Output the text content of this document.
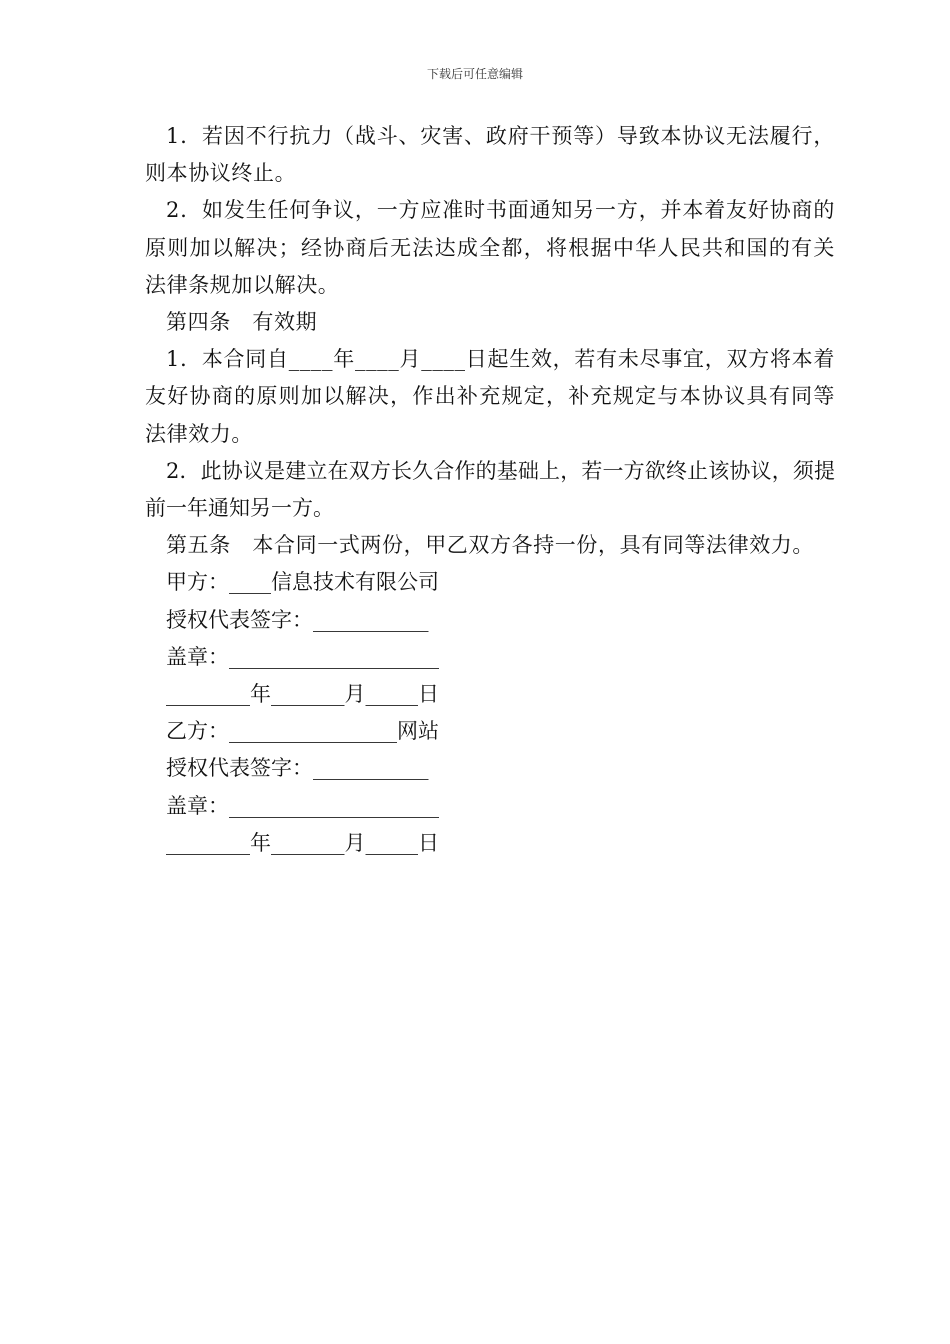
下载后可任意编辑

1．若因不行抗力（战斗、灾害、政府干预等）导致本协议无法履行，则本协议终止。

2．如发生任何争议，一方应准时书面通知另一方，并本着友好协商的原则加以解决；经协商后无法达成全都，将根据中华人民共和国的有关法律条规加以解决。

第四条　有效期

1．本合同自____年____月____日起生效，若有未尽事宜，双方将本着友好协商的原则加以解决，作出补充规定，补充规定与本协议具有同等法律效力。

2．此协议是建立在双方长久合作的基础上，若一方欲终止该协议，须提前一年通知另一方。

第五条　本合同一式两份，甲乙双方各持一份，具有同等法律效力。

甲方：____信息技术有限公司

授权代表签字：___________

盖章：____________________

________年_______月_____日

乙方：________________网站

授权代表签字：___________

盖章：____________________

________年_______月_____日
